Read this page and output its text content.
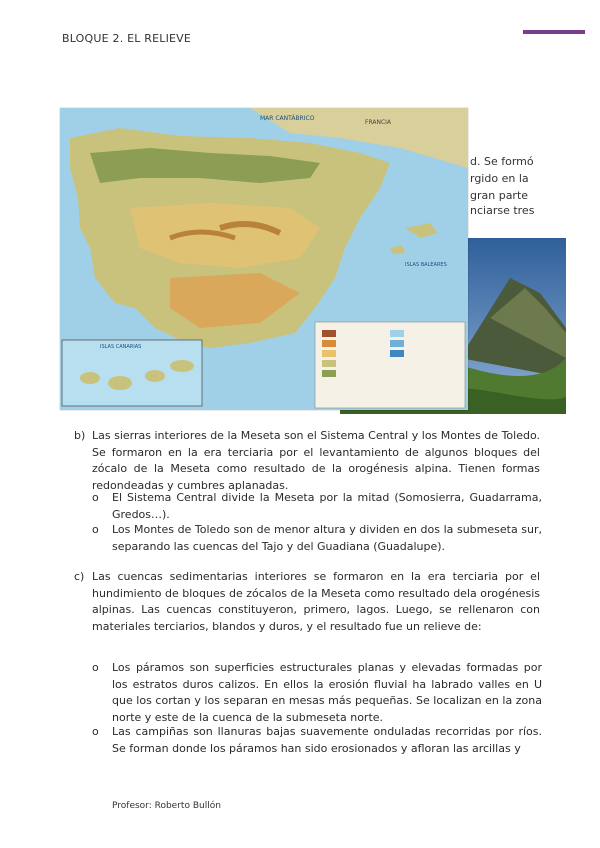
BLOQUE 2. EL RELIEVE
d. Se formó
rgido en la
gran parte
nciarse tres
MAR CANTÁBRICO
FRANCIA
ISLAS BALEARES
ISLAS CANARIAS
b) Las sierras interiores de la Meseta son el Sistema Central y los Montes de Toledo. Se formaron en la era terciaria por el levantamiento de algunos bloques del zócalo de la Meseta como resultado de la orogénesis alpina. Tienen formas redondeadas y cumbres aplanadas.
o El Sistema Central divide la Meseta por la mitad (Somosierra, Guadarrama, Gredos…).
o Los Montes de Toledo son de menor altura y dividen en dos la submeseta sur, separando las cuencas del Tajo y del Guadiana (Guadalupe).
c) Las cuencas sedimentarias interiores se formaron en la era terciaria por el hundimiento de bloques de zócalos de la Meseta como resultado dela orogénesis alpinas. Las cuencas constituyeron, primero, lagos. Luego, se rellenaron con materiales terciarios, blandos y duros, y el resultado fue un relieve de:
o Los páramos son superficies estructurales planas y elevadas formadas por los estratos duros calizos. En ellos la erosión fluvial ha labrado valles en U que los cortan y los separan en mesas más pequeñas. Se localizan en la zona norte y este de la cuenca de la submeseta norte.
o Las campiñas son llanuras bajas suavemente onduladas recorridas por ríos. Se forman donde los páramos han sido erosionados y afloran las arcillas y
Profesor: Roberto Bullón
